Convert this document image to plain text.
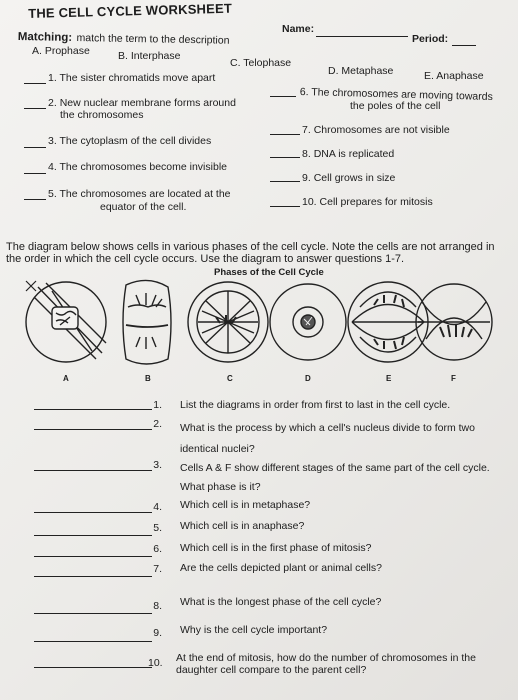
THE CELL CYCLE WORKSHEET
Name:
Period:
Matching: match the term to the description
A. Prophase	B. Interphase
C. Telophase
D. Metaphase	E. Anaphase
1. The sister chromatids move apart
2. New nuclear membrane forms around
the chromosomes
3. The cytoplasm of the cell divides
4. The chromosomes become invisible
5. The chromosomes are located at the
equator of the cell.
6. The chromosomes are moving towards
the poles of the cell
7. Chromosomes are not visible
8. DNA is replicated
9. Cell grows in size
10. Cell prepares for mitosis
The diagram below shows cells in various phases of the cell cycle. Note the cells are not arranged in
the order in which the cell cycle occurs. Use the diagram to answer questions 1-7.
Phases of the Cell Cycle
A	B	C	D	E	F
1. List the diagrams in order from first to last in the cell cycle.
2. What is the process by which a cell's nucleus divide to form two identical nuclei?
3. Cells A & F show different stages of the same part of the cell cycle. What phase is it?
4. Which cell is in metaphase?
5. Which cell is in anaphase?
6. Which cell is in the first phase of mitosis?
7. Are the cells depicted plant or animal cells?
8. What is the longest phase of the cell cycle?
9. Why is the cell cycle important?
10. At the end of mitosis, how do the number of chromosomes in the daughter cell compare to the parent cell?
